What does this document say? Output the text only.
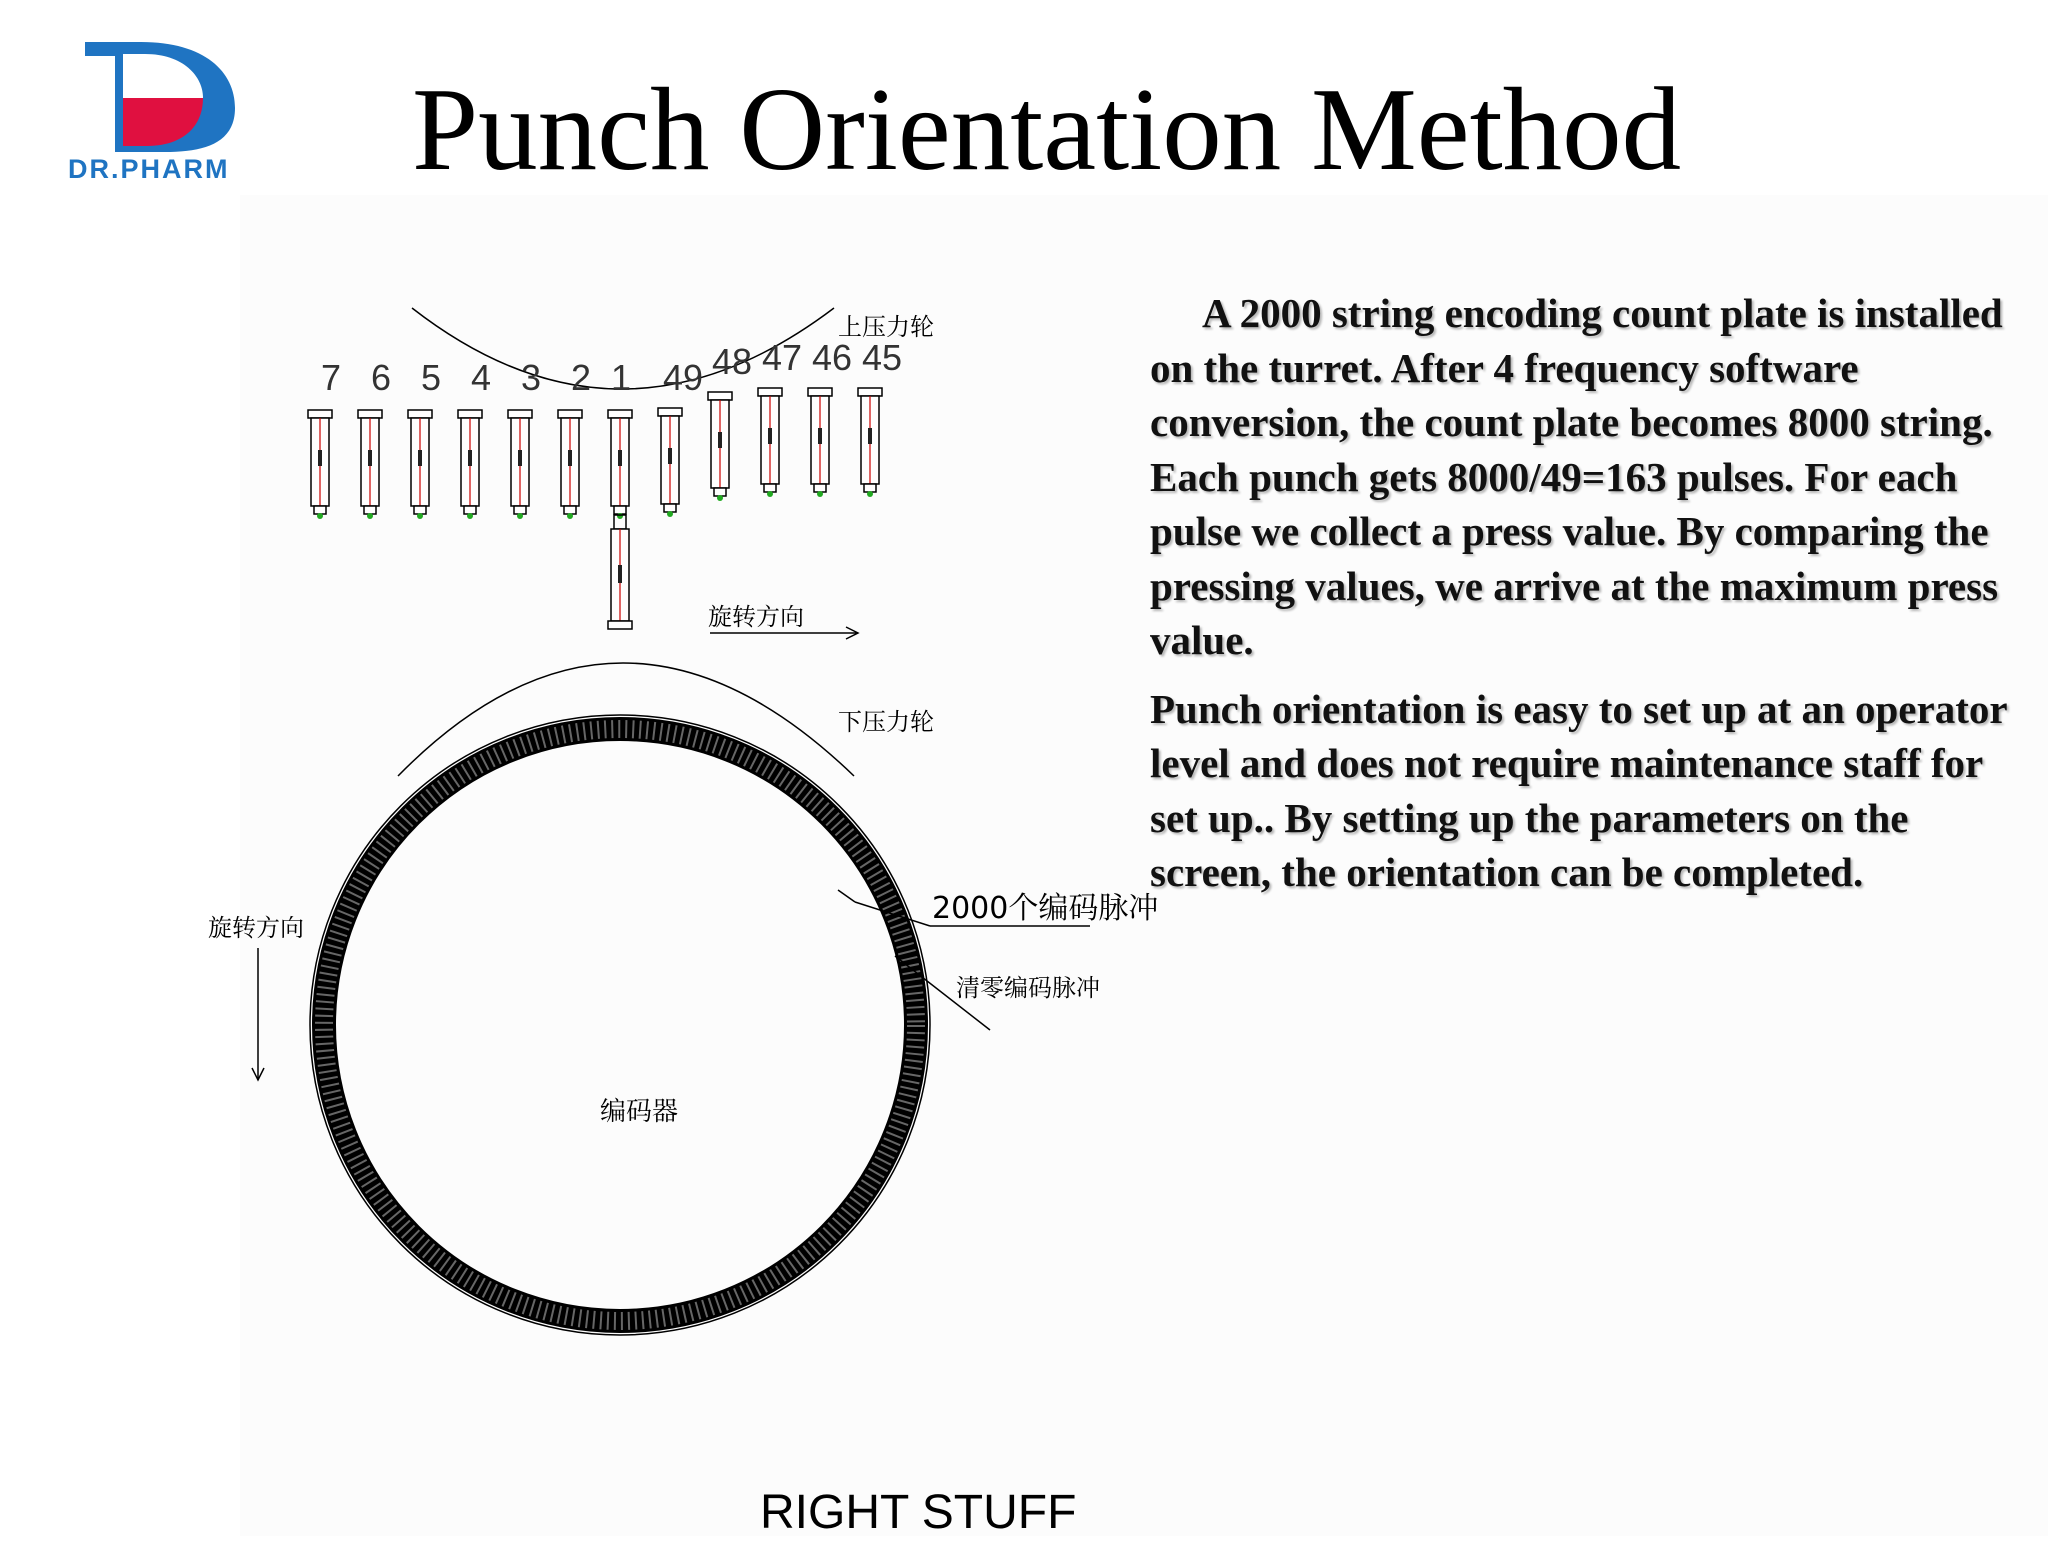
DR.PHARM	Punch Orientation Method
7 6 5 4 3 2 1 49 48 47 46 45
旋转方向
上压力轮
下压力轮
2000个编码脉冲
清零编码脉冲
旋转方向
编码器

A 2000 string encoding count plate is installed on the turret. After 4 frequency software conversion, the count plate becomes 8000 string. Each punch gets 8000/49=163 pulses. For each pulse we collect a press value. By comparing the pressing values, we arrive at the maximum press value.

Punch orientation is easy to set up at an operator level and does not require maintenance staff for set up.. By setting up the parameters on the screen, the orientation can be completed.

RIGHT STUFF
